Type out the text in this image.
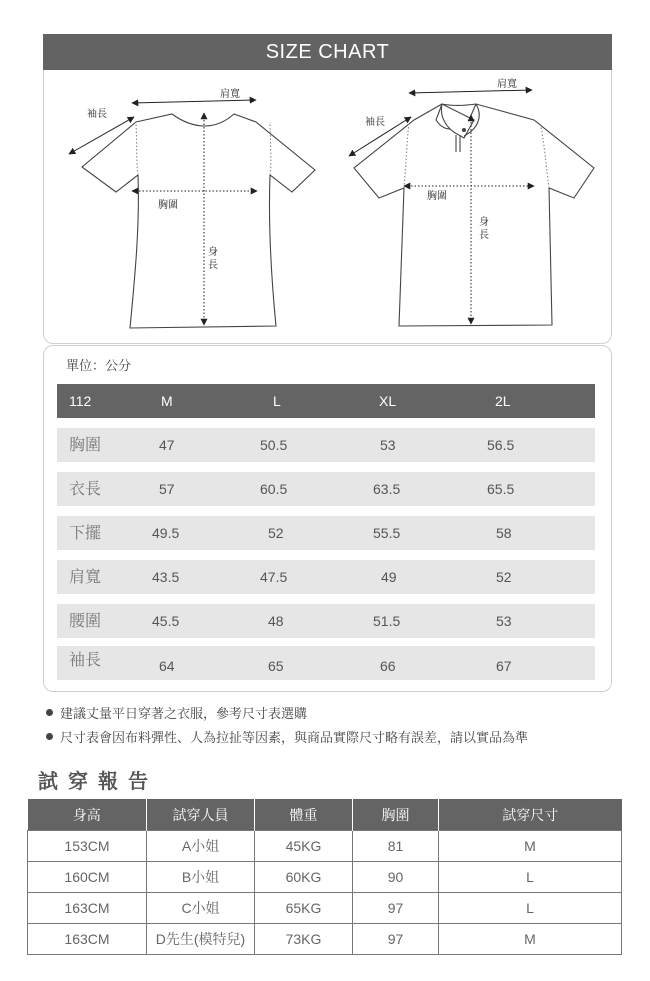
SIZE CHART
肩寬
袖長
胸圍
身
長
肩寬
袖長
胸圍
身
長
單位：公分
112	M	L	XL	2L
胸圍	47	50.5	53	56.5
衣長	57	60.5	63.5	65.5
下擺	49.5	52	55.5	58
肩寬	43.5	47.5	49	52
腰圍	45.5	48	51.5	53
袖長	64	65	66	67
建議丈量平日穿著之衣服，參考尺寸表選購
尺寸表會因布料彈性、人為拉扯等因素，與商品實際尺寸略有誤差，請以實品為準
試穿報告
身高	試穿人員	體重	胸圍	試穿尺寸
153CM	A小姐	45KG	81	M
160CM	B小姐	60KG	90	L
163CM	C小姐	65KG	97	L
163CM	D先生(模特兒)	73KG	97	M
